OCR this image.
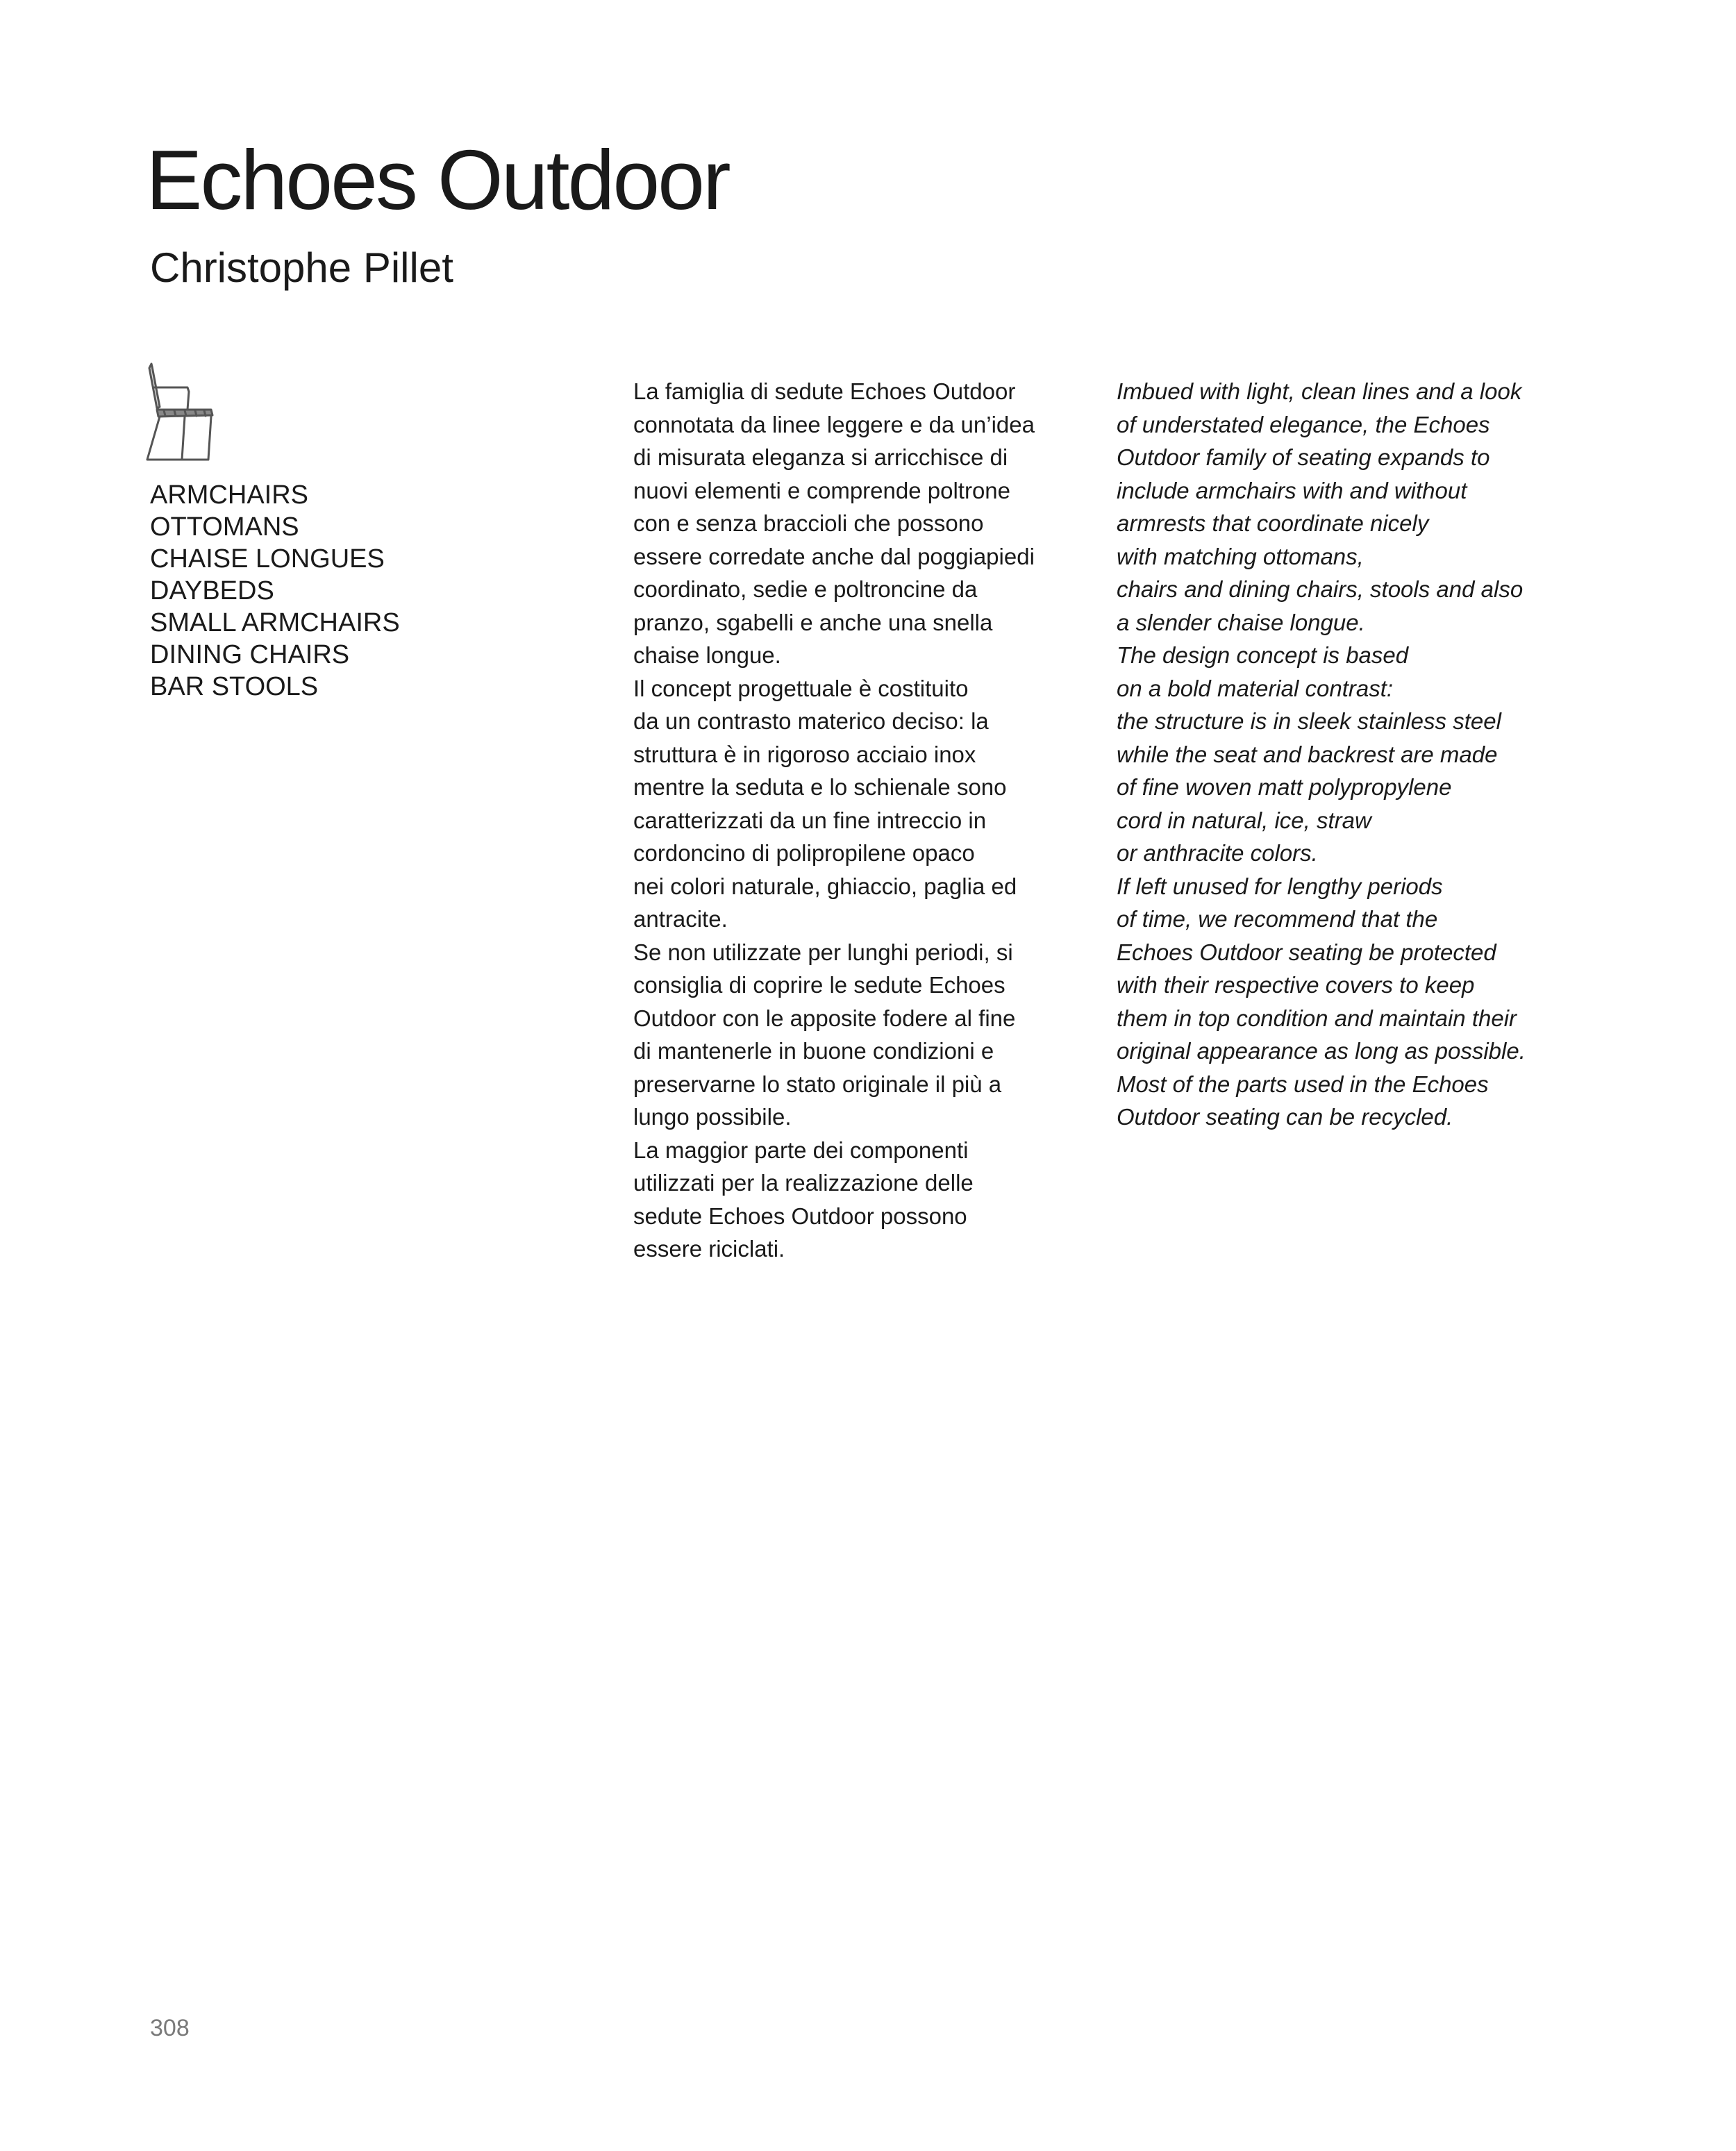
Echoes Outdoor
Christophe Pillet
ARMCHAIRS
OTTOMANS
CHAISE LONGUES
DAYBEDS
SMALL ARMCHAIRS
DINING CHAIRS
BAR STOOLS

La famiglia di sedute Echoes Outdoor
connotata da linee leggere e da un’idea
di misurata eleganza si arricchisce di
nuovi elementi e comprende poltrone
con e senza braccioli che possono
essere corredate anche dal poggiapiedi
coordinato, sedie e poltroncine da
pranzo, sgabelli e anche una snella
chaise longue.
Il concept progettuale è costituito
da un contrasto materico deciso: la
struttura è in rigoroso acciaio inox
mentre la seduta e lo schienale sono
caratterizzati da un fine intreccio in
cordoncino di polipropilene opaco
nei colori naturale, ghiaccio, paglia ed
antracite.
Se non utilizzate per lunghi periodi, si
consiglia di coprire le sedute Echoes
Outdoor con le apposite fodere al fine
di mantenerle in buone condizioni e
preservarne lo stato originale il più a
lungo possibile.
La maggior parte dei componenti
utilizzati per la realizzazione delle
sedute Echoes Outdoor possono
essere riciclati.

Imbued with light, clean lines and a look
of understated elegance, the Echoes
Outdoor family of seating expands to
include armchairs with and without
armrests that coordinate nicely
with matching ottomans,
chairs and dining chairs, stools and also
a slender chaise longue.
The design concept is based
on a bold material contrast:
the structure is in sleek stainless steel
while the seat and backrest are made
of fine woven matt polypropylene
cord in natural, ice, straw
or anthracite colors.
If left unused for lengthy periods
of time, we recommend that the
Echoes Outdoor seating be protected
with their respective covers to keep
them in top condition and maintain their
original appearance as long as possible.
Most of the parts used in the Echoes
Outdoor seating can be recycled.

308
